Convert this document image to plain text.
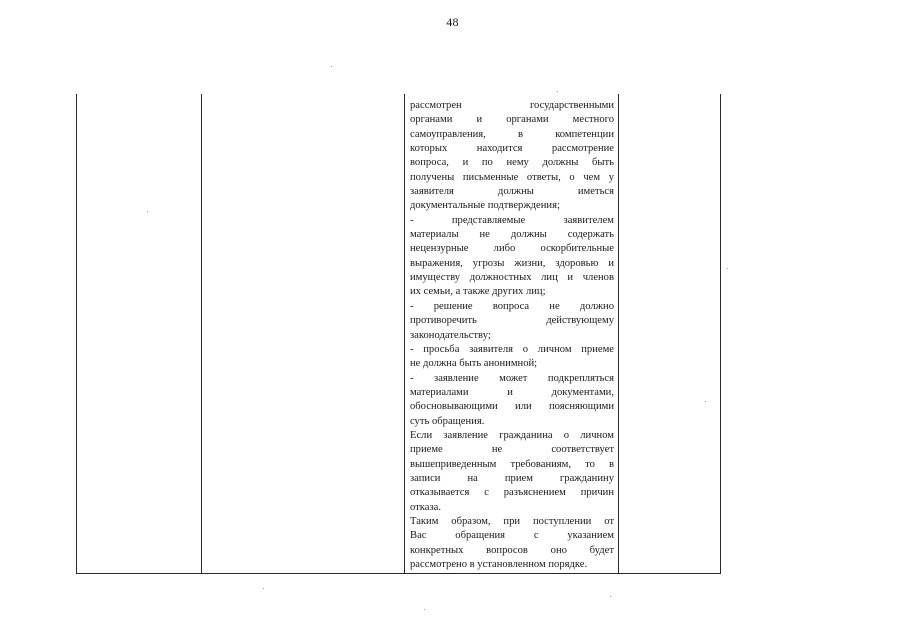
48
рассмотрен государственными
органами и органами местного
самоуправления, в компетенции
которых находится рассмотрение
вопроса, и по нему должны быть
получены письменные ответы, о чем у
заявителя должны иметься
документальные подтверждения;
- представляемые заявителем
материалы не должны содержать
нецензурные либо оскорбительные
выражения, угрозы жизни, здоровью и
имуществу должностных лиц и членов
их семьи, а также других лиц;
- решение вопроса не должно
противоречить действующему
законодательству;
- просьба заявителя о личном приеме
не должна быть анонимной;
- заявление может подкрепляться
материалами и документами,
обосновывающими или поясняющими
суть обращения.
Если заявление гражданина о личном
приеме не соответствует
вышеприведенным требованиям, то в
записи на прием гражданину
отказывается с разъяснением причин
отказа.
Таким образом, при поступлении от
Вас обращения с указанием
конкретных вопросов оно будет
рассмотрено в установленном порядке.
